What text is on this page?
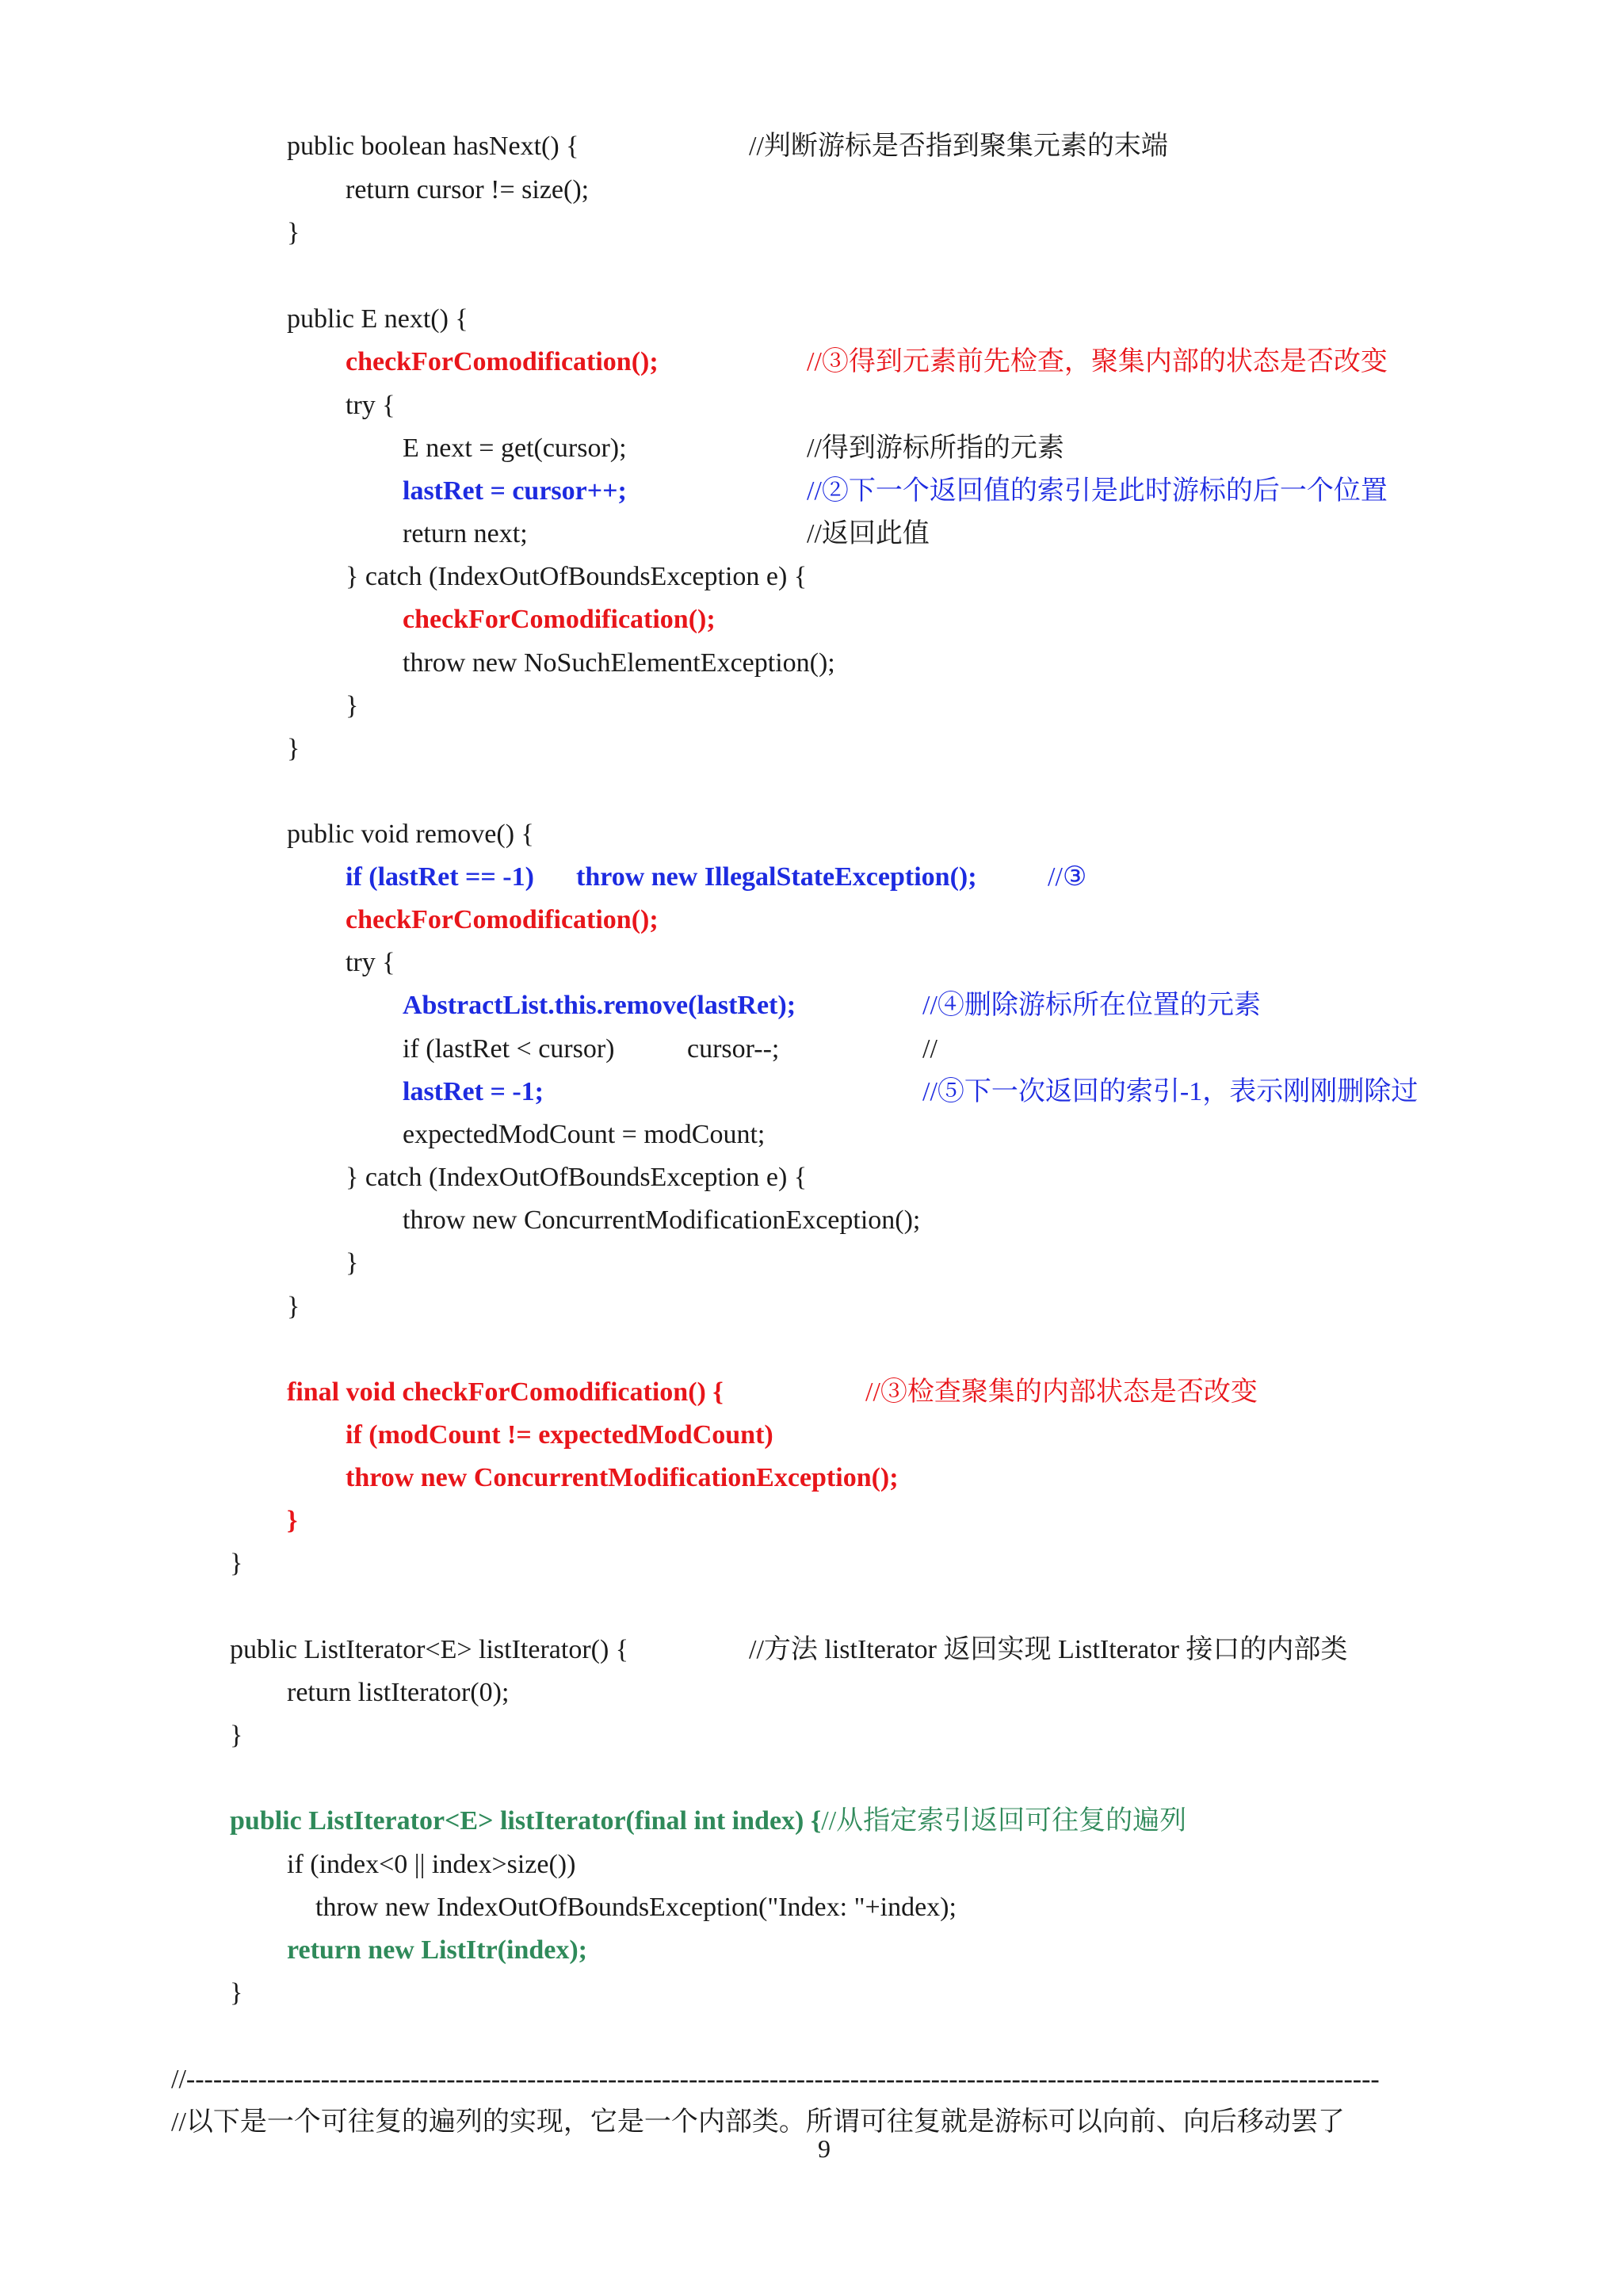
public boolean hasNext() {	//判断游标是否指到聚集元素的末端
return cursor != size();
}
public E next() {
checkForComodification();	//③得到元素前先检查，聚集内部的状态是否改变
try {
E next = get(cursor);	//得到游标所指的元素
lastRet = cursor++;	//②下一个返回值的索引是此时游标的后一个位置
return next;	//返回此值
} catch (IndexOutOfBoundsException e) {
checkForComodification();
throw new NoSuchElementException();
}
}
public void remove() {
if (lastRet == -1) throw new IllegalStateException();	//③
checkForComodification();
try {
AbstractList.this.remove(lastRet);	//④删除游标所在位置的元素
if (lastRet < cursor)	cursor--;	//
lastRet = -1;	//⑤下一次返回的索引-1，表示刚刚删除过
expectedModCount = modCount;
} catch (IndexOutOfBoundsException e) {
throw new ConcurrentModificationException();
}
}
final void checkForComodification() {	//③检查聚集的内部状态是否改变
if (modCount != expectedModCount)
throw new ConcurrentModificationException();
}
}
public ListIterator<E> listIterator() {	//方法 listIterator 返回实现 ListIterator 接口的内部类
return listIterator(0);
}
public ListIterator<E> listIterator(final int index) {//从指定索引返回可往复的遍列
if (index<0 || index>size())
throw new IndexOutOfBoundsException("Index: "+index);
return new ListItr(index);
}
//-------------------------------------------------------------------------------------------------------------------------------------
//以下是一个可往复的遍列的实现，它是一个内部类。所谓可往复就是游标可以向前、向后移动罢了
9
